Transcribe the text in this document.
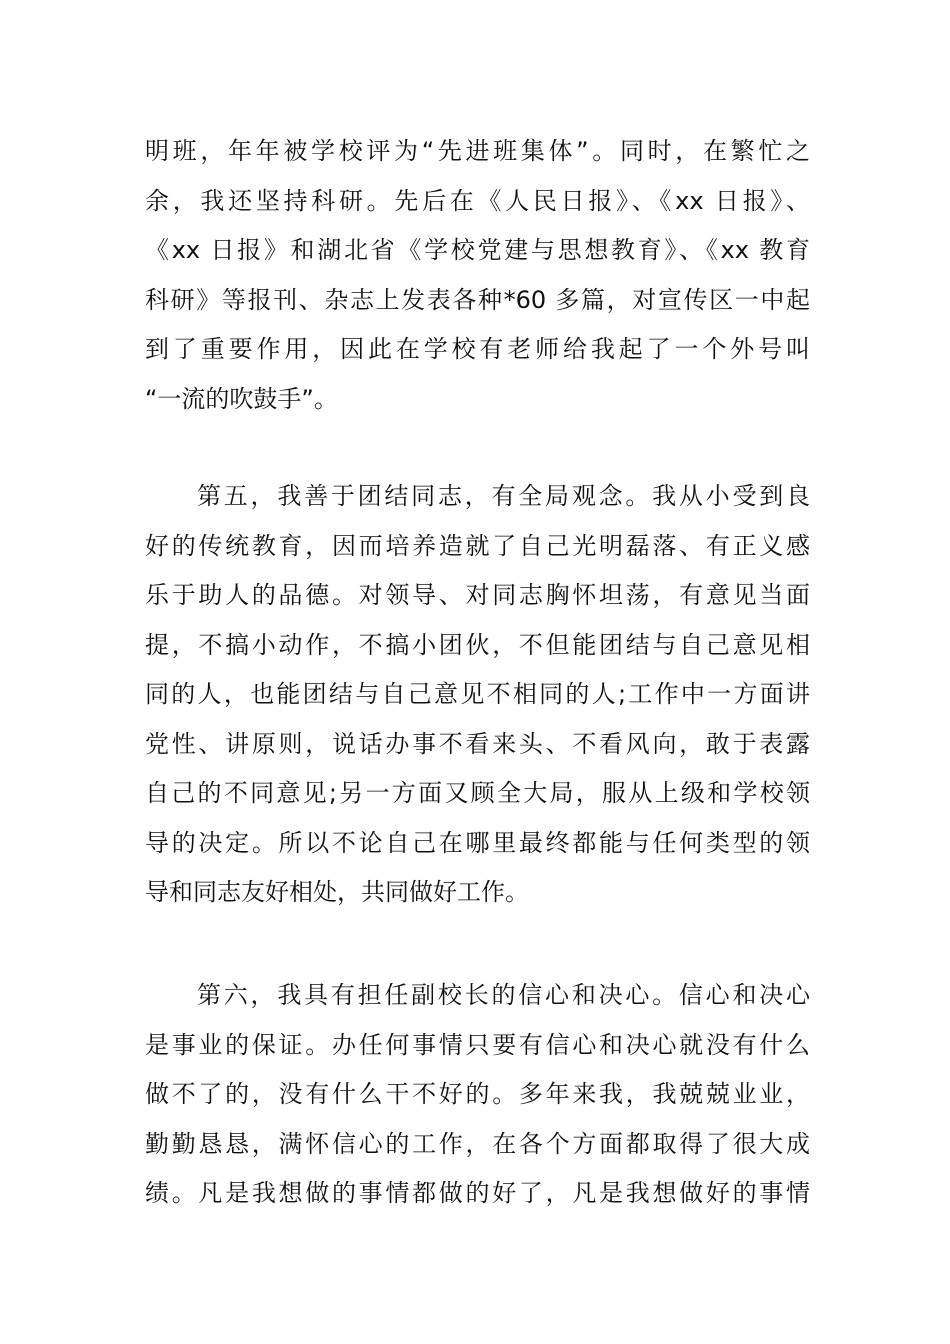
明班，年年被学校评为“先进班集体”。同时，在繁忙之
余，我还坚持科研。先后在《人民日报》、《xx 日报》、
《xx 日报》和湖北省《学校党建与思想教育》、《xx 教育
科研》等报刊、杂志上发表各种*60 多篇，对宣传区一中起
到了重要作用，因此在学校有老师给我起了一个外号叫
“一流的吹鼓手”。
第五，我善于团结同志，有全局观念。我从小受到良
好的传统教育，因而培养造就了自己光明磊落、有正义感
乐于助人的品德。对领导、对同志胸怀坦荡，有意见当面
提，不搞小动作，不搞小团伙，不但能团结与自己意见相
同的人，也能团结与自己意见不相同的人;工作中一方面讲
党性、讲原则，说话办事不看来头、不看风向，敢于表露
自己的不同意见;另一方面又顾全大局，服从上级和学校领
导的决定。所以不论自己在哪里最终都能与任何类型的领
导和同志友好相处，共同做好工作。
第六，我具有担任副校长的信心和决心。信心和决心
是事业的保证。办任何事情只要有信心和决心就没有什么
做不了的，没有什么干不好的。多年来我，我兢兢业业，
勤勤恳恳，满怀信心的工作，在各个方面都取得了很大成
绩。凡是我想做的事情都做的好了，凡是我想做好的事情
